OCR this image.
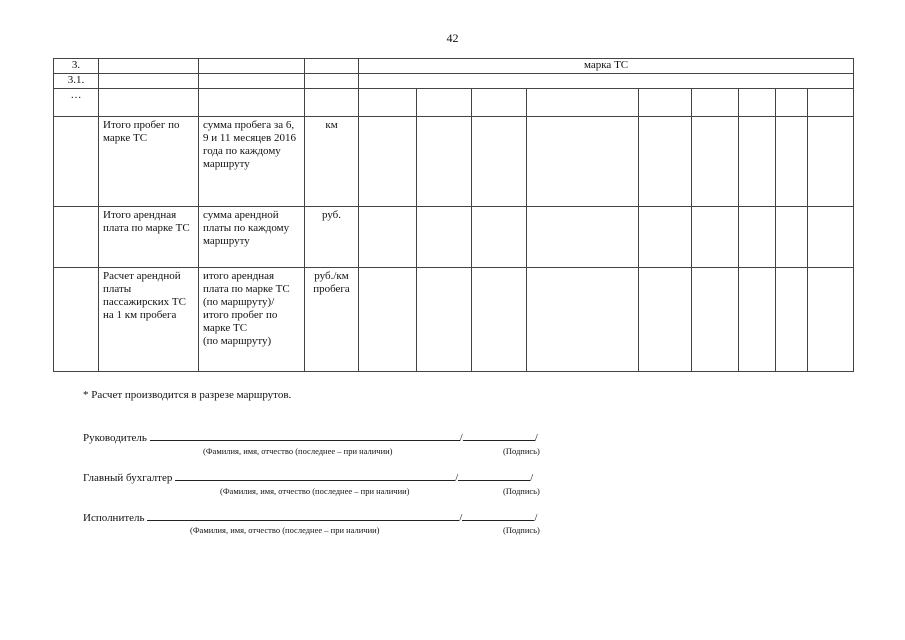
42
3.				марка ТС								
3.1.												
…												
	Итого пробег по марке ТС	сумма пробега за 6, 9 и 11 месяцев 2016 года по каждому маршруту	км									
	Итого арендная плата по марке ТС	сумма арендной платы по каждому маршруту	руб.									
	Расчет арендной платы пассажирских ТС на 1 км пробега	итого арендная плата по марке ТС
(по маршруту)/
итого пробег по марке ТС
(по маршруту)	руб./км пробега									
* Расчет производится в разрезе маршрутов.
Руководитель	/	/
(Фамилия, имя, отчество (последнее – при наличии)	(Подпись)
Главный бухгалтер	/	/
(Фамилия, имя, отчество (последнее – при наличии)	(Подпись)
Исполнитель	/	/
(Фамилия, имя, отчество (последнее – при наличии)	(Подпись)
